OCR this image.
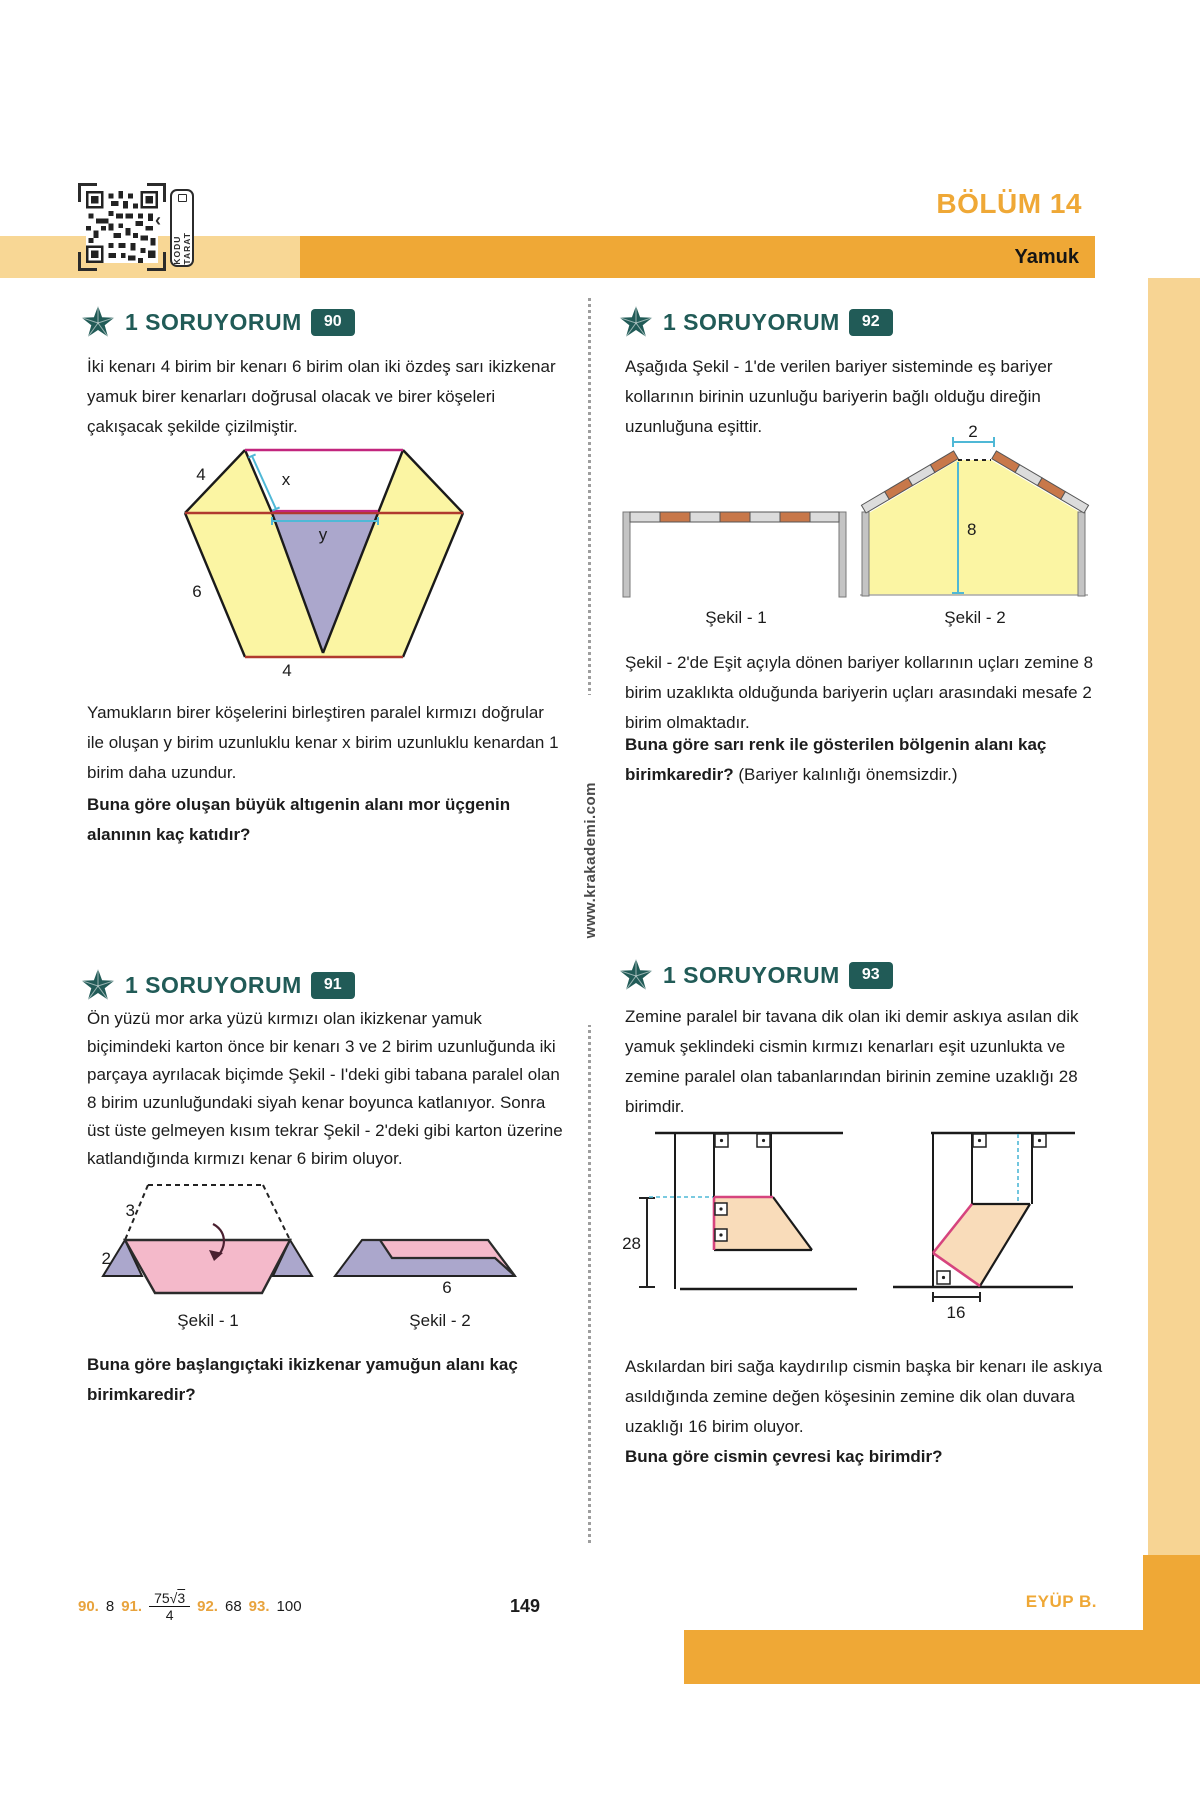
Yamuk
BÖLÜM 14
‹
KODU TARAT
www.krakademi.com
1 SORUYORUM	90
İki kenarı 4 birim bir kenarı 6 birim olan iki özdeş sarı ikizkenar
yamuk birer kenarları doğrusal olacak ve birer köşeleri
çakışacak şekilde çizilmiştir.
4	x
y
6
4
Yamukların birer köşelerini birleştiren paralel kırmızı doğrular
ile oluşan y birim uzunluklu kenar x birim uzunluklu kenardan 1
birim daha uzundur.
Buna göre oluşan büyük altıgenin alanı mor üçgenin
alanının kaç katıdır?
1 SORUYORUM	92
Aşağıda Şekil - 1'de verilen bariyer sisteminde eş bariyer
kollarının birinin uzunluğu bariyerin bağlı olduğu direğin
uzunluğuna eşittir.	2
8
Şekil - 1	Şekil - 2
Şekil - 2'de Eşit açıyla dönen bariyer kollarının uçları zemine 8
birim uzaklıkta olduğunda bariyerin uçları arasındaki mesafe 2
birim olmaktadır.
Buna göre sarı renk ile gösterilen bölgenin alanı kaç
birimkaredir? (Bariyer kalınlığı önemsizdir.)
1 SORUYORUM	91
Ön yüzü mor arka yüzü kırmızı olan ikizkenar yamuk
biçimindeki karton önce bir kenarı 3 ve 2 birim uzunluğunda iki
parçaya ayrılacak biçimde Şekil - I'deki gibi tabana paralel olan
8 birim uzunluğundaki siyah kenar boyunca katlanıyor. Sonra
üst üste gelmeyen kısım tekrar Şekil - 2'deki gibi karton üzerine
katlandığında kırmızı kenar 6 birim oluyor.
3
2
6
Şekil - 1	Şekil - 2
Buna göre başlangıçtaki ikizkenar yamuğun alanı kaç
birimkaredir?
1 SORUYORUM	93
Zemine paralel bir tavana dik olan iki demir askıya asılan dik
yamuk şeklindeki cismin kırmızı kenarları eşit uzunlukta ve
zemine paralel olan tabanlarından birinin zemine uzaklığı 28
birimdir.
28
16
Askılardan biri sağa kaydırılıp cismin başka bir kenarı ile askıya
asıldığında zemine değen köşesinin zemine dik olan duvara
uzaklığı 16 birim oluyor.
Buna göre cismin çevresi kaç birimdir?
90. 8 91. $\frac{75√3}{4} 92$. 68 93. 100	149	EYÜP B.
